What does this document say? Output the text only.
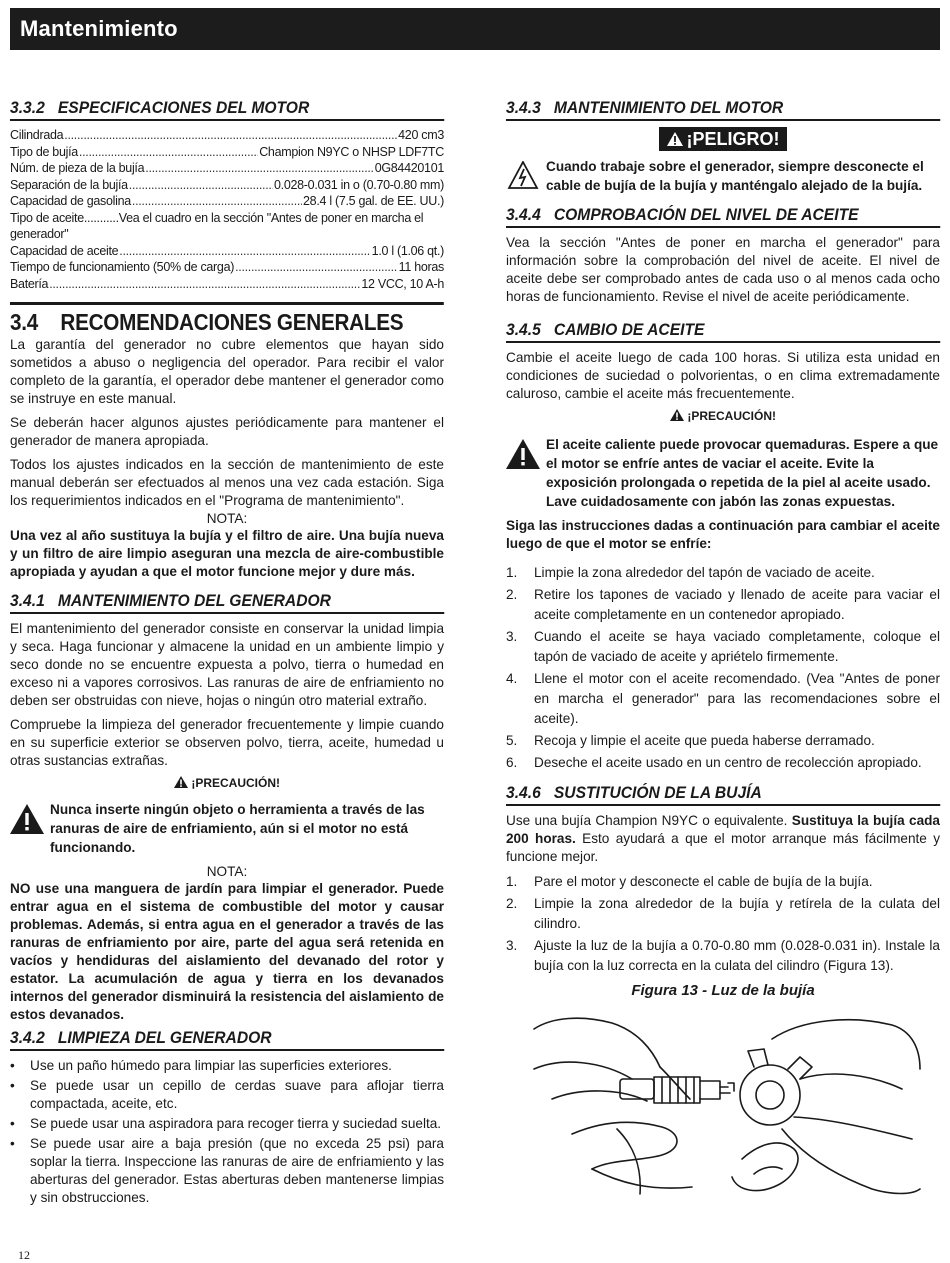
Mantenimiento
3.3.2 ESPECIFICACIONES DEL MOTOR
Cilindrada .....	420 cm3
Tipo de bujía .....	Champion N9YC o NHSP LDF7TC
Núm. de pieza de la bujía .....	0G84420101
Separación de la bujía .....	0.028-0.031 in o (0.70-0.80 mm)
Capacidad de gasolina .....	28.4 l (7.5 gal. de EE. UU.)
Tipo de aceite...........Vea el cuadro en la sección "Antes de poner en marcha el generador"
Capacidad de aceite .....	1.0 l (1.06 qt.)
Tiempo de funcionamiento (50% de carga) .....	11 horas
Batería .....	12 VCC, 10 A-h
3.4 RECOMENDACIONES GENERALES

La garantía del generador no cubre elementos que hayan sido sometidos a abuso o negligencia del operador. Para recibir el valor completo de la garantía, el operador debe mantener el generador como se instruye en este manual.

Se deberán hacer algunos ajustes periódicamente para mantener el generador de manera apropiada.

Todos los ajustes indicados en la sección de mantenimiento de este manual deberán ser efectuados al menos una vez cada estación. Siga los requerimientos indicados en el "Programa de mantenimiento".

NOTA:

Una vez al año sustituya la bujía y el filtro de aire. Una bujía nueva y un filtro de aire limpio aseguran una mezcla de aire-combustible apropiada y ayudan a que el motor funcione mejor y dure más.

3.4.1 MANTENIMIENTO DEL GENERADOR

El mantenimiento del generador consiste en conservar la unidad limpia y seca. Haga funcionar y almacene la unidad en un ambiente limpio y seco donde no se encuentre expuesta a polvo, tierra o humedad en exceso ni a vapores corrosivos. Las ranuras de aire de enfriamiento no deben ser obstruidas con nieve, hojas o ningún otro material extraño.

Compruebe la limpieza del generador frecuentemente y limpie cuando en su superficie exterior se observen polvo, tierra, aceite, humedad u otras sustancias extrañas.

¡PRECAUCIÓN!
Nunca inserte ningún objeto o herramienta a través de las ranuras de aire de enfriamiento, aún si el motor no está funcionando.
NOTA:

NO use una manguera de jardín para limpiar el generador. Puede entrar agua en el sistema de combustible del motor y causar problemas. Además, si entra agua en el generador a través de las ranuras de enfriamiento por aire, parte del agua será retenida en vacíos y hendiduras del aislamiento del devanado del rotor y estator. La acumulación de agua y tierra en los devanados internos del generador disminuirá la resistencia del aislamiento de estos devanados.

3.4.2 LIMPIEZA DEL GENERADOR
• Use un paño húmedo para limpiar las superficies exteriores.
• Se puede usar un cepillo de cerdas suave para aflojar tierra compactada, aceite, etc.
• Se puede usar una aspiradora para recoger tierra y suciedad suelta.
• Se puede usar aire a baja presión (que no exceda 25 psi) para soplar la tierra. Inspeccione las ranuras de aire de enfriamiento y las aberturas del generador. Estas aberturas deben mantenerse limpias y sin obstrucciones.
3.4.3 MANTENIMIENTO DEL MOTOR
¡PELIGRO!
Cuando trabaje sobre el generador, siempre desconecte el cable de bujía de la bujía y manténgalo alejado de la bujía.
3.4.4 COMPROBACIÓN DEL NIVEL DE ACEITE

Vea la sección "Antes de poner en marcha el generador" para información sobre la comprobación del nivel de aceite. El nivel de aceite debe ser comprobado antes de cada uso o al menos cada ocho horas de funcionamiento. Revise el nivel de aceite periódicamente.

3.4.5 CAMBIO DE ACEITE

Cambie el aceite luego de cada 100 horas. Si utiliza esta unidad en condiciones de suciedad o polvorientas, o en clima extremadamente caluroso, cambie el aceite más frecuentemente.

¡PRECAUCIÓN!
El aceite caliente puede provocar quemaduras. Espere a que el motor se enfríe antes de vaciar el aceite. Evite la exposición prolongada o repetida de la piel al aceite usado. Lave cuidadosamente con jabón las zonas expuestas.

Siga las instrucciones dadas a continuación para cambiar el aceite luego de que el motor se enfríe:

1.	Limpie la zona alrededor del tapón de vaciado de aceite.
2.	Retire los tapones de vaciado y llenado de aceite para vaciar el aceite completamente en un contenedor apropiado.
3.	Cuando el aceite se haya vaciado completamente, coloque el tapón de vaciado de aceite y apriételo firmemente.
4.	Llene el motor con el aceite recomendado. (Vea "Antes de poner en marcha el generador" para las recomendaciones sobre el aceite).
5.	Recoja y limpie el aceite que pueda haberse derramado.
6.	Deseche el aceite usado en un centro de recolección apropiado.
3.4.6 SUSTITUCIÓN DE LA BUJÍA

Use una bujía Champion N9YC o equivalente. Sustituya la bujía cada 200 horas. Esto ayudará a que el motor arranque más fácilmente y funcione mejor.

1.	Pare el motor y desconecte el cable de bujía de la bujía.
2.	Limpie la zona alrededor de la bujía y retírela de la culata del cilindro.
3.	Ajuste la luz de la bujía a 0.70-0.80 mm (0.028-0.031 in). Instale la bujía con la luz correcta en la culata del cilindro (Figura 13).
Figura 13 - Luz de la bujía
12
